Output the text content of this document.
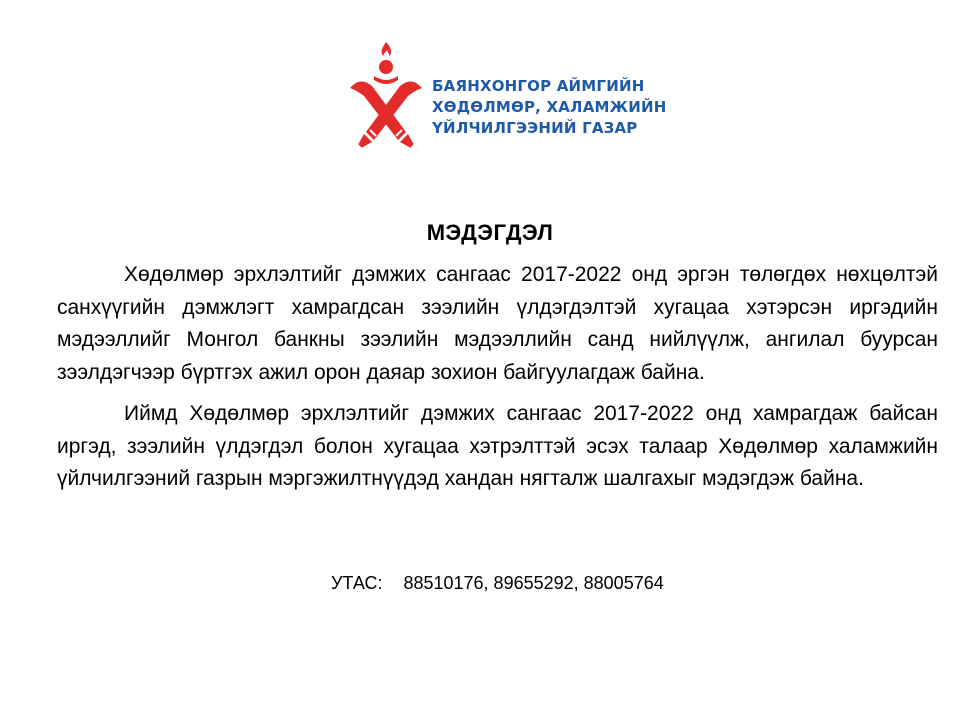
БАЯНХОНГОР АЙМГИЙН
ХӨДӨЛМӨР, ХАЛАМЖИЙН
ҮЙЛЧИЛГЭЭНИЙ ГАЗАР
МЭДЭГДЭЛ

Хөдөлмөр эрхлэлтийг дэмжих сангаас 2017-2022 онд эргэн төлөгдөх нөхцөлтэй санхүүгийн дэмжлэгт хамрагдсан зээлийн үлдэгдэлтэй хугацаа хэтэрсэн иргэдийн мэдээллийг Монгол банкны зээлийн мэдээллийн санд нийлүүлж, ангилал буурсан зээлдэгчээр бүртгэх ажил орон даяар зохион байгуулагдаж байна.

Иймд Хөдөлмөр эрхлэлтийг дэмжих сангаас 2017-2022 онд хамрагдаж байсан иргэд, зээлийн үлдэгдэл болон хугацаа хэтрэлттэй эсэх талаар Хөдөлмөр халамжийн үйлчилгээний газрын мэргэжилтнүүдэд хандан нягталж шалгахыг мэдэгдэж байна.

УТАС: 88510176, 89655292, 88005764
